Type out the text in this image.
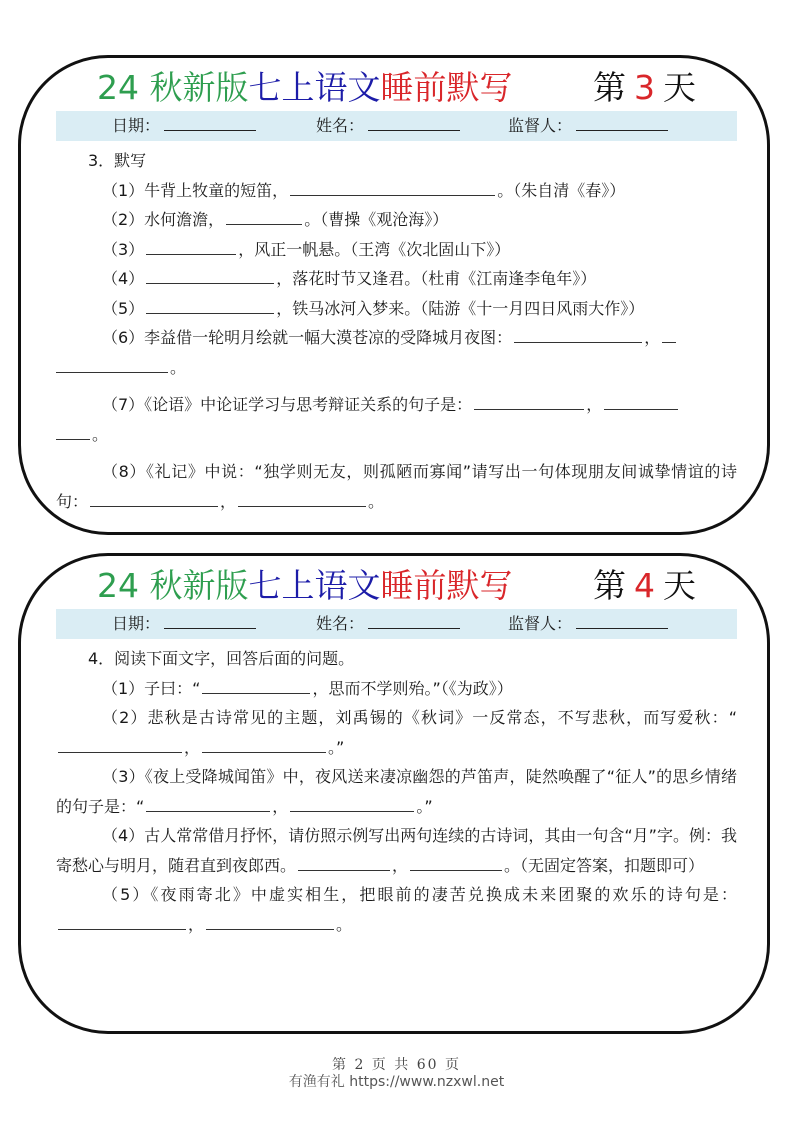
24 秋新版七上语文睡前默写 第 3 天
日期：	姓名：	监督人：
3．默写
（1）牛背上牧童的短笛，	。（朱自清《春》）
（2）水何澹澹，	。（曹操《观沧海》）
（3）	，风正一帆悬。（王湾《次北固山下》）
（4）	，落花时节又逢君。（杜甫《江南逢李龟年》）
（5）	，铁马冰河入梦来。（陆游《十一月四日风雨大作》）
（6）李益借一轮明月绘就一幅大漠苍凉的受降城月夜图：	，
。
（7）《论语》中论证学习与思考辩证关系的句子是：	，
。
（8）《礼记》中说：“独学则无友，则孤陋而寡闻”请写出一句体现朋友间诚挚情谊的诗句：	，	。
24 秋新版七上语文睡前默写 第 4 天
日期：	姓名：	监督人：
4．阅读下面文字，回答后面的问题。
（1）子曰：“	，思而不学则殆。”（《为政》）
（2）悲秋是古诗常见的主题，刘禹锡的《秋词》一反常态，不写悲秋，而写爱秋：“，	。”
（3）《夜上受降城闻笛》中，夜风送来凄凉幽怨的芦笛声，陡然唤醒了“征人”的思乡情绪的句子是：“	，	。”
（4）古人常常借月抒怀，请仿照示例写出两句连续的古诗词，其由一句含“月”字。例：我寄愁心与明月，随君直到夜郎西。	，	。（无固定答案，扣题即可）
（5）《夜雨寄北》中虚实相生，把眼前的凄苦兑换成未来团聚的欢乐的诗句是：，	。
第 2 页 共 60 页
有渔有礼 https://www.nzxwl.net
